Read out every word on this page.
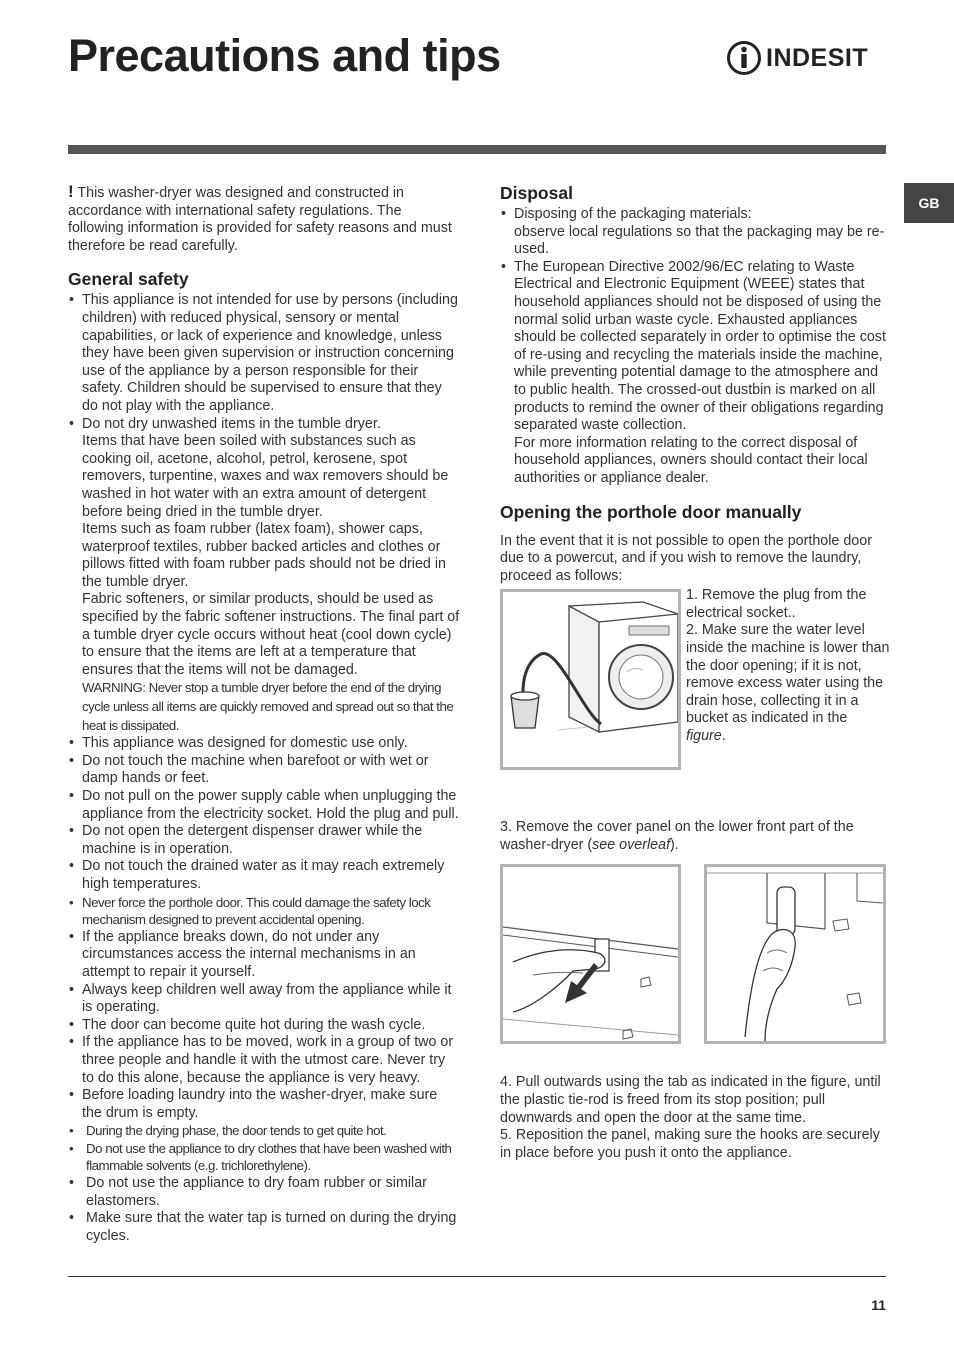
Precautions and tips	INDESIT
GB

! This washer-dryer was designed and constructed in accordance with international safety regulations. The following information is provided for safety reasons and must therefore be read carefully.

General safety
• This appliance is not intended for use by persons (including children) with reduced physical, sensory or mental capabilities, or lack of experience and knowledge, unless they have been given supervision or instruction concerning use of the appliance by a person responsible for their safety. Children should be supervised to ensure that they do not play with the appliance.
• Do not dry unwashed items in the tumble dryer.
Items that have been soiled with substances such as cooking oil, acetone, alcohol, petrol, kerosene, spot removers, turpentine, waxes and wax removers should be washed in hot water with an extra amount of detergent before being dried in the tumble dryer.
Items such as foam rubber (latex foam), shower caps, waterproof textiles, rubber backed articles and clothes or pillows fitted with foam rubber pads should not be dried in the tumble dryer.
Fabric softeners, or similar products, should be used as specified by the fabric softener instructions. The final part of a tumble dryer cycle occurs without heat (cool down cycle) to ensure that the items are left at a temperature that ensures that the items will not be damaged.
WARNING: Never stop a tumble dryer before the end of the drying cycle unless all items are quickly removed and spread out so that the heat is dissipated.
• This appliance was designed for domestic use only.
• Do not touch the machine when barefoot or with wet or damp hands or feet.
• Do not pull on the power supply cable when unplugging the appliance from the electricity socket. Hold the plug and pull.
• Do not open the detergent dispenser drawer while the machine is in operation.
• Do not touch the drained water as it may reach extremely high temperatures.
• Never force the porthole door. This could damage the safety lock mechanism designed to prevent accidental opening.
• If the appliance breaks down, do not under any circumstances access the internal mechanisms in an attempt to repair it yourself.
• Always keep children well away from the appliance while it is operating.
• The door can become quite hot during the wash cycle.
• If the appliance has to be moved, work in a group of two or three people and handle it with the utmost care. Never try to do this alone, because the appliance is very heavy.
• Before loading laundry into the washer-dryer, make sure the drum is empty.
• During the drying phase, the door tends to get quite hot.
• Do not use the appliance to dry clothes that have been washed with flammable solvents (e.g. trichlorethylene).
• Do not use the appliance to dry foam rubber or similar elastomers.
• Make sure that the water tap is turned on during the drying cycles.
Disposal
• Disposing of the packaging materials:
observe local regulations so that the packaging may be re-used.
• The European Directive 2002/96/EC relating to Waste Electrical and Electronic Equipment (WEEE) states that household appliances should not be disposed of using the normal solid urban waste cycle. Exhausted appliances should be collected separately in order to optimise the cost of re-using and recycling the materials inside the machine, while preventing potential damage to the atmosphere and to public health. The crossed-out dustbin is marked on all products to remind the owner of their obligations regarding separated waste collection.
For more information relating to the correct disposal of household appliances, owners should contact their local authorities or appliance dealer.
Opening the porthole door manually

In the event that it is not possible to open the porthole door due to a powercut, and if you wish to remove the laundry, proceed as follows:

1. Remove the plug from the electrical socket..

2. Make sure the water level inside the machine is lower than the door opening; if it is not, remove excess water using the drain hose, collecting it in a bucket as indicated in the figure.

3. Remove the cover panel on the lower front part of the washer-dryer (see overleaf).

4. Pull outwards using the tab as indicated in the figure, until the plastic tie-rod is freed from its stop position; pull downwards and open the door at the same time.

5. Reposition the panel, making sure the hooks are securely in place before you push it onto the appliance.

11
